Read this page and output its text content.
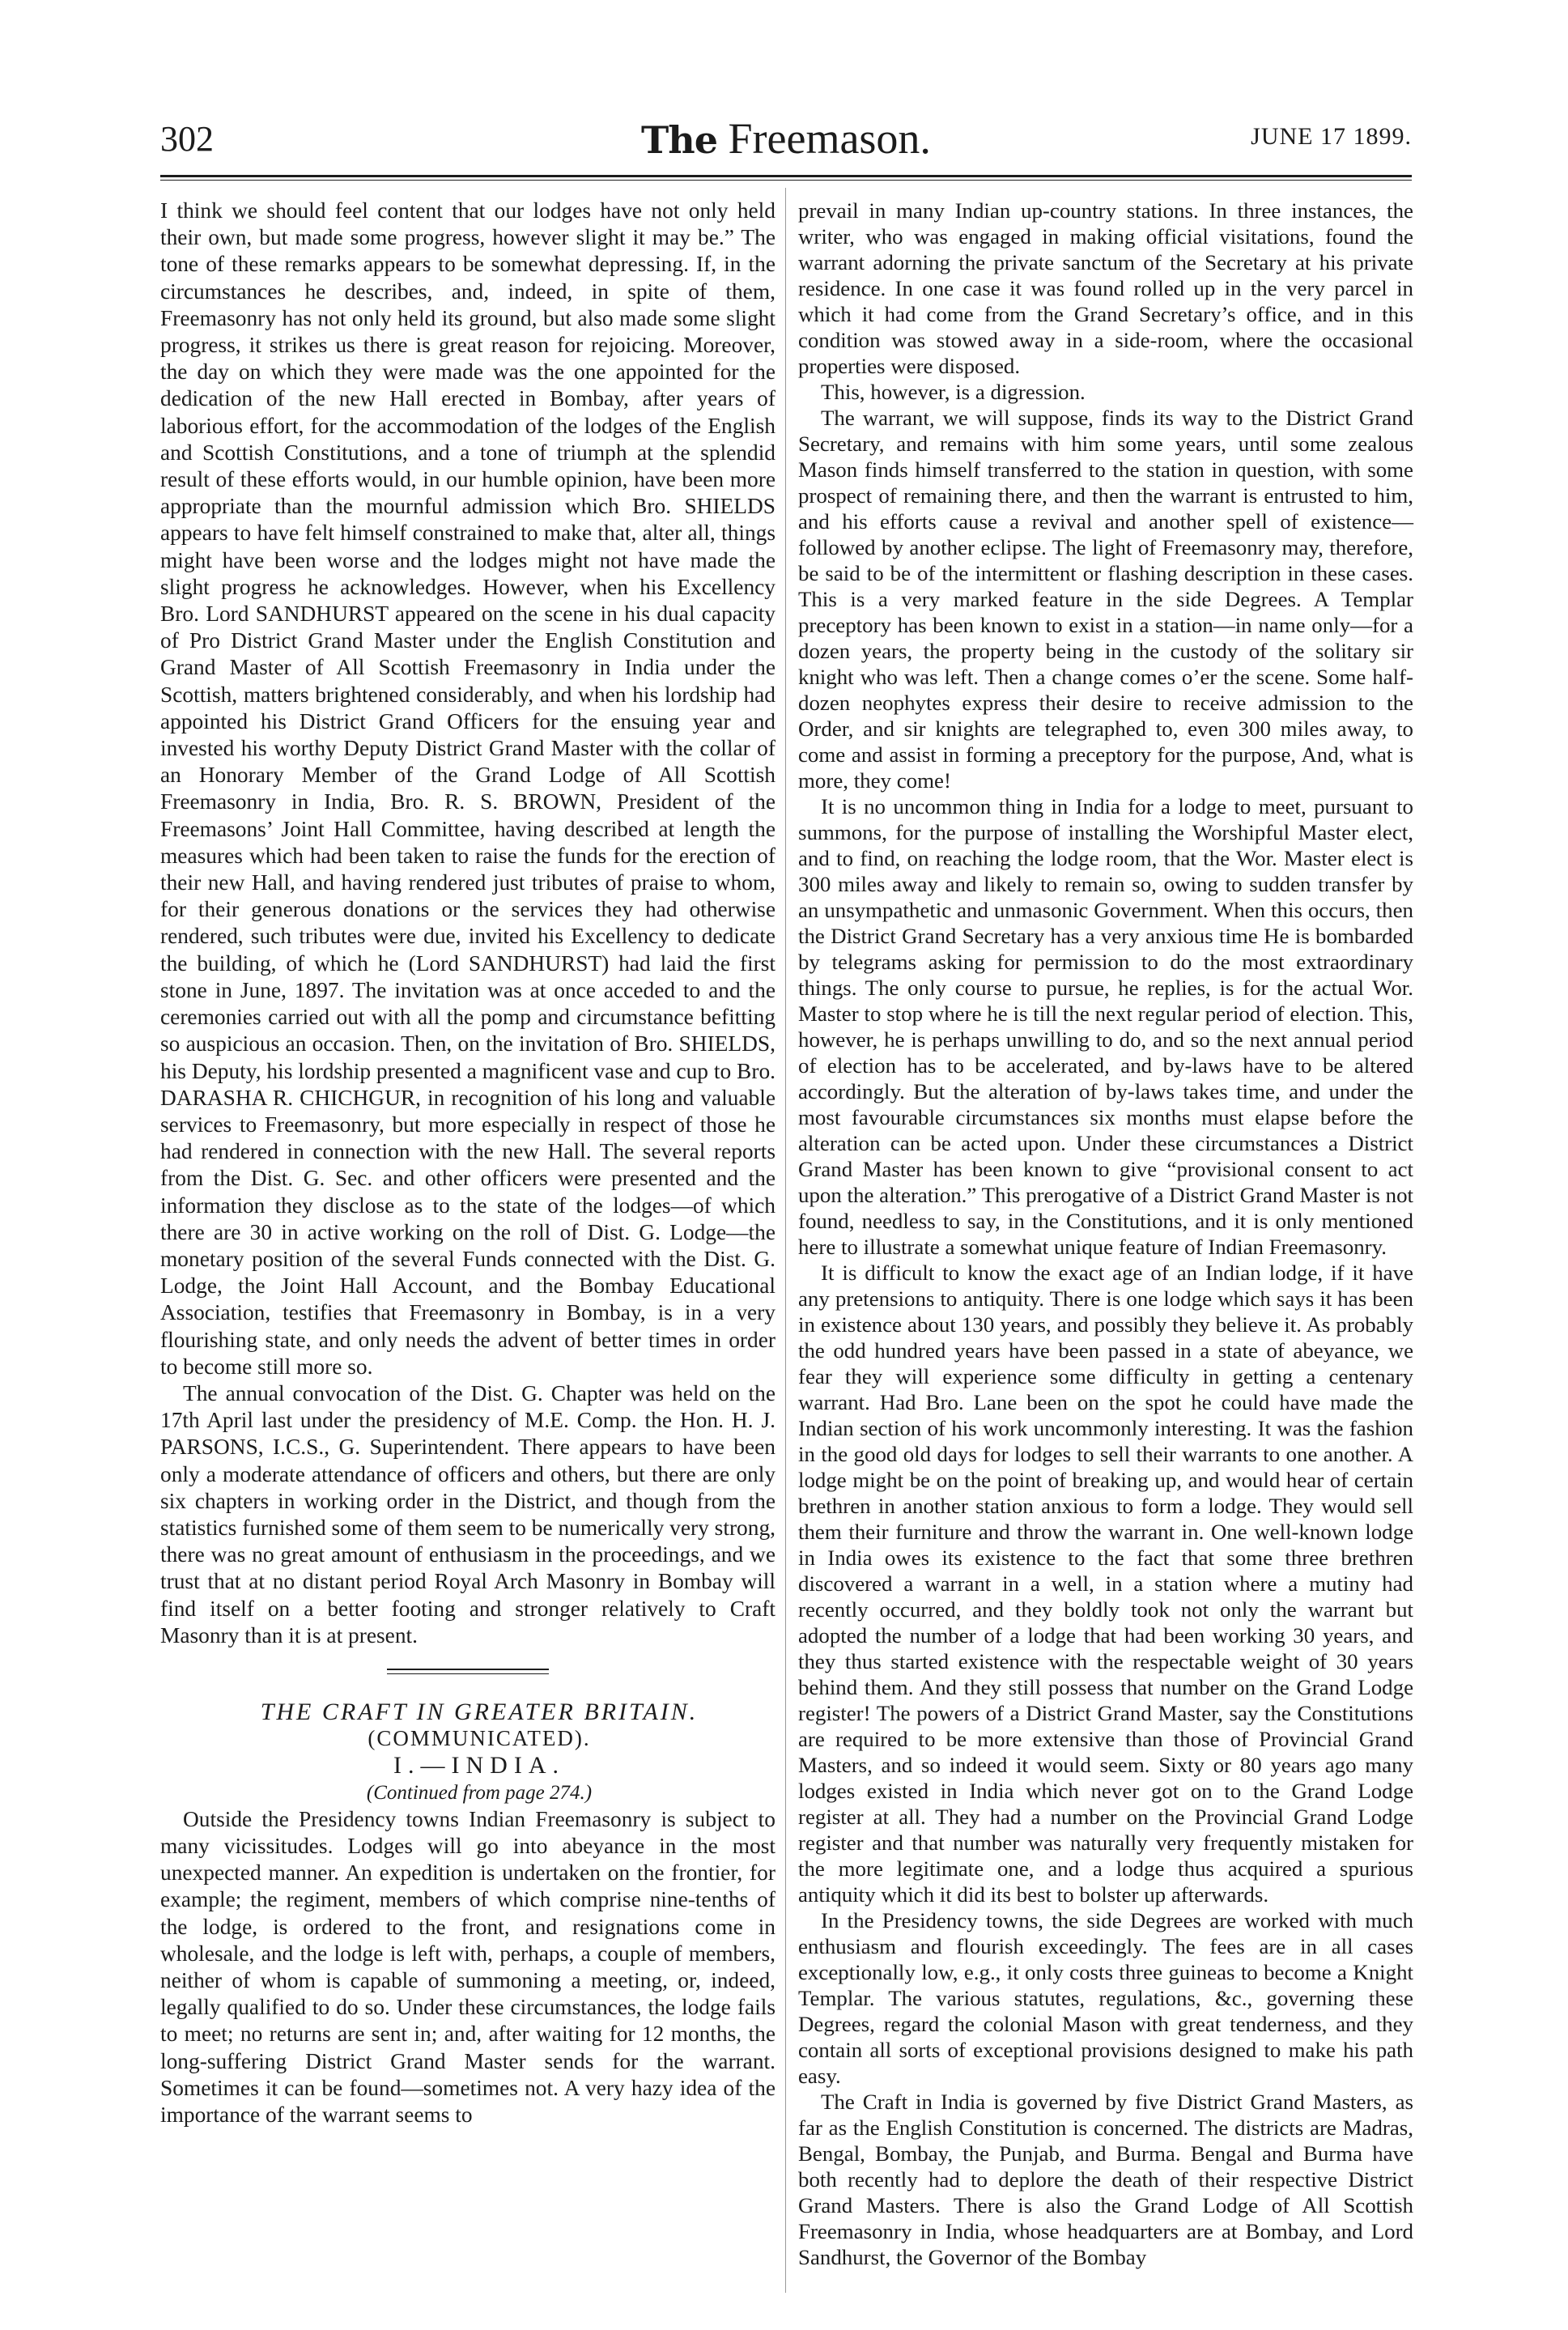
302	The Freemason.	JUNE 17 1899.

I think we should feel content that our lodges have not only held their own, but made some progress, however slight it may be.” The tone of these remarks appears to be somewhat depressing. If, in the circumstances he describes, and, indeed, in spite of them, Freemasonry has not only held its ground, but also made some slight progress, it strikes us there is great reason for rejoicing. Moreover, the day on which they were made was the one appointed for the dedication of the new Hall erected in Bombay, after years of laborious effort, for the accommodation of the lodges of the English and Scottish Constitutions, and a tone of triumph at the splendid result of these efforts would, in our humble opinion, have been more appropriate than the mournful admission which Bro. SHIELDS appears to have felt himself constrained to make that, alter all, things might have been worse and the lodges might not have made the slight progress he acknowledges. However, when his Excellency Bro. Lord SANDHURST appeared on the scene in his dual capacity of Pro District Grand Master under the English Constitution and Grand Master of All Scottish Freemasonry in India under the Scottish, matters brightened considerably, and when his lordship had appointed his District Grand Officers for the ensuing year and invested his worthy Deputy District Grand Master with the collar of an Honorary Member of the Grand Lodge of All Scottish Freemasonry in India, Bro. R. S. BROWN, President of the Freemasons’ Joint Hall Committee, having described at length the measures which had been taken to raise the funds for the erection of their new Hall, and having rendered just tributes of praise to whom, for their generous donations or the services they had otherwise rendered, such tributes were due, invited his Excellency to dedicate the building, of which he (Lord SANDHURST) had laid the first stone in June, 1897. The invitation was at once acceded to and the ceremonies carried out with all the pomp and circumstance befitting so auspicious an occasion. Then, on the invitation of Bro. SHIELDS, his Deputy, his lordship presented a magnificent vase and cup to Bro. DARASHA R. CHICHGUR, in recognition of his long and valuable services to Freemasonry, but more especially in respect of those he had rendered in connection with the new Hall. The several reports from the Dist. G. Sec. and other officers were presented and the information they disclose as to the state of the lodges—of which there are 30 in active working on the roll of Dist. G. Lodge—the monetary position of the several Funds connected with the Dist. G. Lodge, the Joint Hall Account, and the Bombay Educational Association, testifies that Freemasonry in Bombay, is in a very flourishing state, and only needs the advent of better times in order to become still more so.

The annual convocation of the Dist. G. Chapter was held on the 17th April last under the presidency of M.E. Comp. the Hon. H. J. PARSONS, I.C.S., G. Superintendent. There appears to have been only a moderate attendance of officers and others, but there are only six chapters in working order in the District, and though from the statistics furnished some of them seem to be numerically very strong, there was no great amount of enthusiasm in the proceedings, and we trust that at no distant period Royal Arch Masonry in Bombay will find itself on a better footing and stronger relatively to Craft Masonry than it is at present.

THE CRAFT IN GREATER BRITAIN.

(COMMUNICATED).

I.—INDIA.

(Continued from page 274.)

Outside the Presidency towns Indian Freemasonry is subject to many vicissitudes. Lodges will go into abeyance in the most unexpected manner. An expedition is undertaken on the frontier, for example; the regiment, members of which comprise nine-tenths of the lodge, is ordered to the front, and resignations come in wholesale, and the lodge is left with, perhaps, a couple of members, neither of whom is capable of summoning a meeting, or, indeed, legally qualified to do so. Under these circumstances, the lodge fails to meet; no returns are sent in; and, after waiting for 12 months, the long-suffering District Grand Master sends for the warrant. Sometimes it can be found—sometimes not. A very hazy idea of the importance of the warrant seems to

prevail in many Indian up-country stations. In three instances, the writer, who was engaged in making official visitations, found the warrant adorning the private sanctum of the Secretary at his private residence. In one case it was found rolled up in the very parcel in which it had come from the Grand Secretary’s office, and in this condition was stowed away in a side-room, where the occasional properties were disposed.

This, however, is a digression.

The warrant, we will suppose, finds its way to the District Grand Secretary, and remains with him some years, until some zealous Mason finds himself transferred to the station in question, with some prospect of remaining there, and then the warrant is entrusted to him, and his efforts cause a revival and another spell of existence—followed by another eclipse. The light of Freemasonry may, therefore, be said to be of the intermittent or flashing description in these cases. This is a very marked feature in the side Degrees. A Templar preceptory has been known to exist in a station—in name only—for a dozen years, the property being in the custody of the solitary sir knight who was left. Then a change comes o’er the scene. Some half-dozen neophytes express their desire to receive admission to the Order, and sir knights are telegraphed to, even 300 miles away, to come and assist in forming a preceptory for the purpose, And, what is more, they come!

It is no uncommon thing in India for a lodge to meet, pursuant to summons, for the purpose of installing the Worshipful Master elect, and to find, on reaching the lodge room, that the Wor. Master elect is 300 miles away and likely to remain so, owing to sudden transfer by an unsympathetic and unmasonic Government. When this occurs, then the District Grand Secretary has a very anxious time He is bombarded by telegrams asking for permission to do the most extraordinary things. The only course to pursue, he replies, is for the actual Wor. Master to stop where he is till the next regular period of election. This, however, he is perhaps unwilling to do, and so the next annual period of election has to be accelerated, and by-laws have to be altered accordingly. But the alteration of by-laws takes time, and under the most favourable circumstances six months must elapse before the alteration can be acted upon. Under these circumstances a District Grand Master has been known to give “provisional consent to act upon the alteration.” This prerogative of a District Grand Master is not found, needless to say, in the Constitutions, and it is only mentioned here to illustrate a somewhat unique feature of Indian Freemasonry.

It is difficult to know the exact age of an Indian lodge, if it have any pretensions to antiquity. There is one lodge which says it has been in existence about 130 years, and possibly they believe it. As probably the odd hundred years have been passed in a state of abeyance, we fear they will experience some difficulty in getting a centenary warrant. Had Bro. Lane been on the spot he could have made the Indian section of his work uncommonly interesting. It was the fashion in the good old days for lodges to sell their warrants to one another. A lodge might be on the point of breaking up, and would hear of certain brethren in another station anxious to form a lodge. They would sell them their furniture and throw the warrant in. One well-known lodge in India owes its existence to the fact that some three brethren discovered a warrant in a well, in a station where a mutiny had recently occurred, and they boldly took not only the warrant but adopted the number of a lodge that had been working 30 years, and they thus started existence with the respectable weight of 30 years behind them. And they still possess that number on the Grand Lodge register! The powers of a District Grand Master, say the Constitutions are required to be more extensive than those of Provincial Grand Masters, and so indeed it would seem. Sixty or 80 years ago many lodges existed in India which never got on to the Grand Lodge register at all. They had a number on the Provincial Grand Lodge register and that number was naturally very frequently mistaken for the more legitimate one, and a lodge thus acquired a spurious antiquity which it did its best to bolster up afterwards.

In the Presidency towns, the side Degrees are worked with much enthusiasm and flourish exceedingly. The fees are in all cases exceptionally low, e.g., it only costs three guineas to become a Knight Templar. The various statutes, regulations, &c., governing these Degrees, regard the colonial Mason with great tenderness, and they contain all sorts of exceptional provisions designed to make his path easy.

The Craft in India is governed by five District Grand Masters, as far as the English Constitution is concerned. The districts are Madras, Bengal, Bombay, the Punjab, and Burma. Bengal and Burma have both recently had to deplore the death of their respective District Grand Masters. There is also the Grand Lodge of All Scottish Freemasonry in India, whose headquarters are at Bombay, and Lord Sandhurst, the Governor of the Bombay
